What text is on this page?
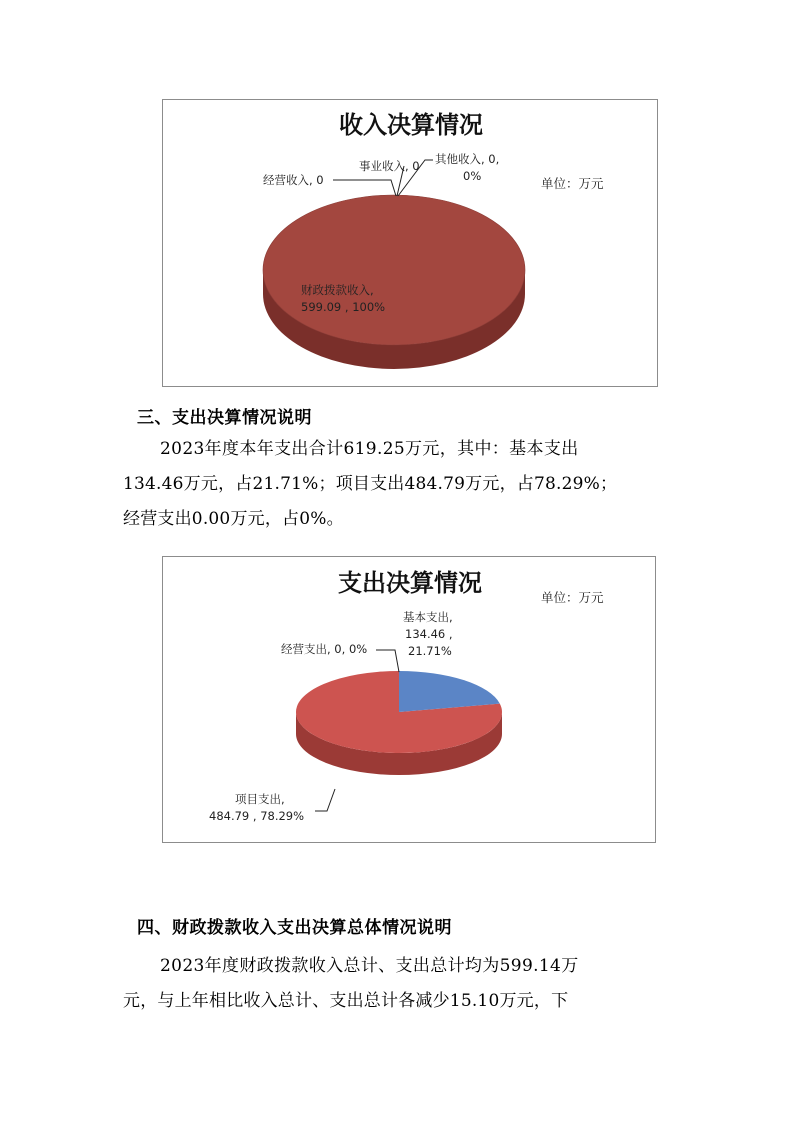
收入决算情况
单位：万元
经营收入, 0
事业收入, 0 其他收入, 0,
0%
财政拨款收入,
599.09 , 100%
三、支出决算情况说明
2023年度本年支出合计619.25万元，其中：基本支出
134.46万元，占21.71%；项目支出484.79万元，占78.29%；
经营支出0.00万元，占0%。
支出决算情况
单位：万元
基本支出,
134.46 ,
21.71%
经营支出, 0, 0%
项目支出,
484.79 , 78.29%
四、财政拨款收入支出决算总体情况说明
2023年度财政拨款收入总计、支出总计均为599.14万
元，与上年相比收入总计、支出总计各减少15.10万元，下
